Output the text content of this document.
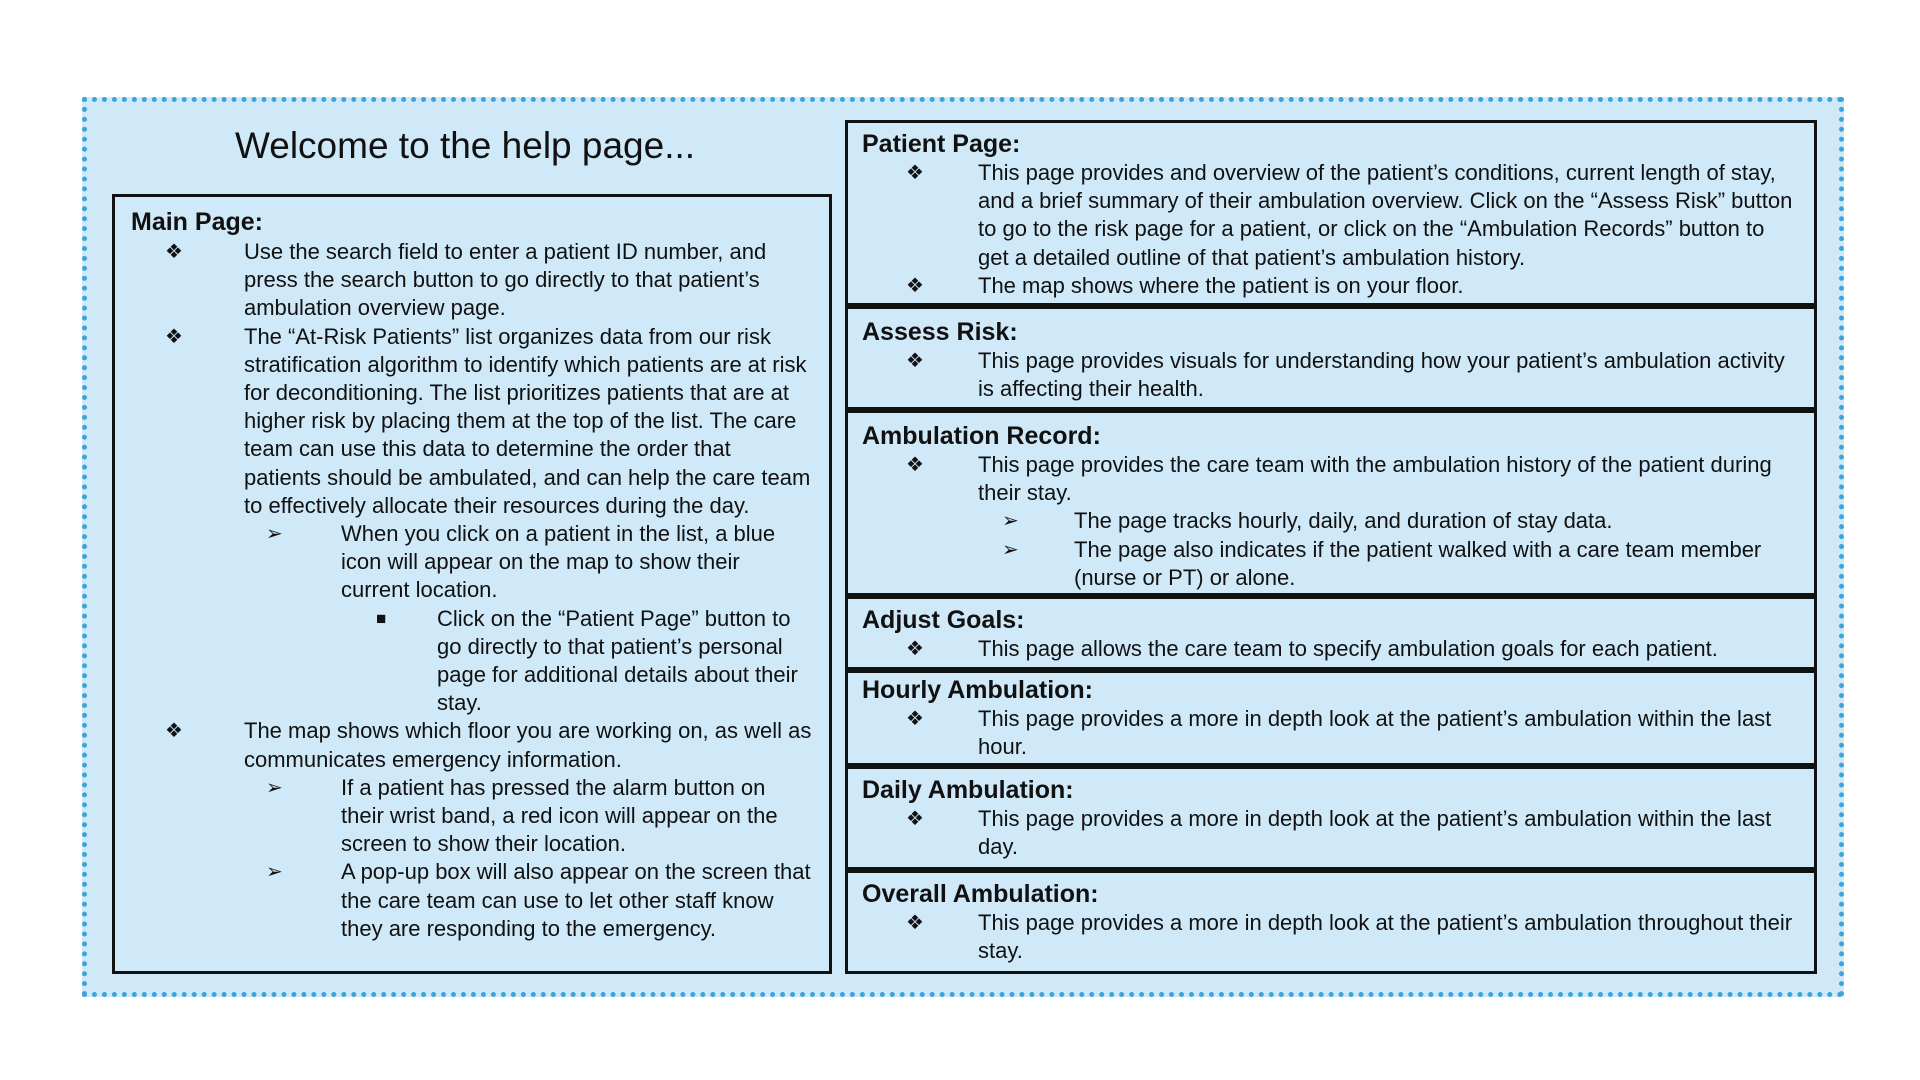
Welcome to the help page...

Main Page:

❖	Use the search field to enter a patient ID number, and press the search button to go directly to that patient’s ambulation overview page.

❖	The “At-Risk Patients” list organizes data from our risk stratification algorithm to identify which patients are at risk for deconditioning. The list prioritizes patients that are at higher risk by placing them at the top of the list. The care team can use this data to determine the order that patients should be ambulated, and can help the care team to effectively allocate their resources during the day.

➢	When you click on a patient in the list, a blue icon will appear on the map to show their current location.

■ Click on the “Patient Page” button to go directly to that patient’s personal page for additional details about their stay.

❖	The map shows which floor you are working on, as well as communicates emergency information.

➢	If a patient has pressed the alarm button on their wrist band, a red icon will appear on the screen to show their location.

➢	A pop-up box will also appear on the screen that the care team can use to let other staff know they are responding to the emergency.

Patient Page:

❖ This page provides and overview of the patient’s conditions, current length of stay, and a brief summary of their ambulation overview. Click on the “Assess Risk” button to go to the risk page for a patient, or click on the “Ambulation Records” button to get a detailed outline of that patient’s ambulation history.

❖ The map shows where the patient is on your floor.

Assess Risk:

❖ This page provides visuals for understanding how your patient’s ambulation activity is affecting their health.

Ambulation Record:

❖ This page provides the care team with the ambulation history of the patient during their stay.

➢	The page tracks hourly, daily, and duration of stay data.

➢	The page also indicates if the patient walked with a care team member (nurse or PT) or alone.

Adjust Goals:

❖ This page allows the care team to specify ambulation goals for each patient.

Hourly Ambulation:

❖ This page provides a more in depth look at the patient’s ambulation within the last hour.

Daily Ambulation:

❖ This page provides a more in depth look at the patient’s ambulation within the last day.

Overall Ambulation:

❖ This page provides a more in depth look at the patient’s ambulation throughout their stay.
